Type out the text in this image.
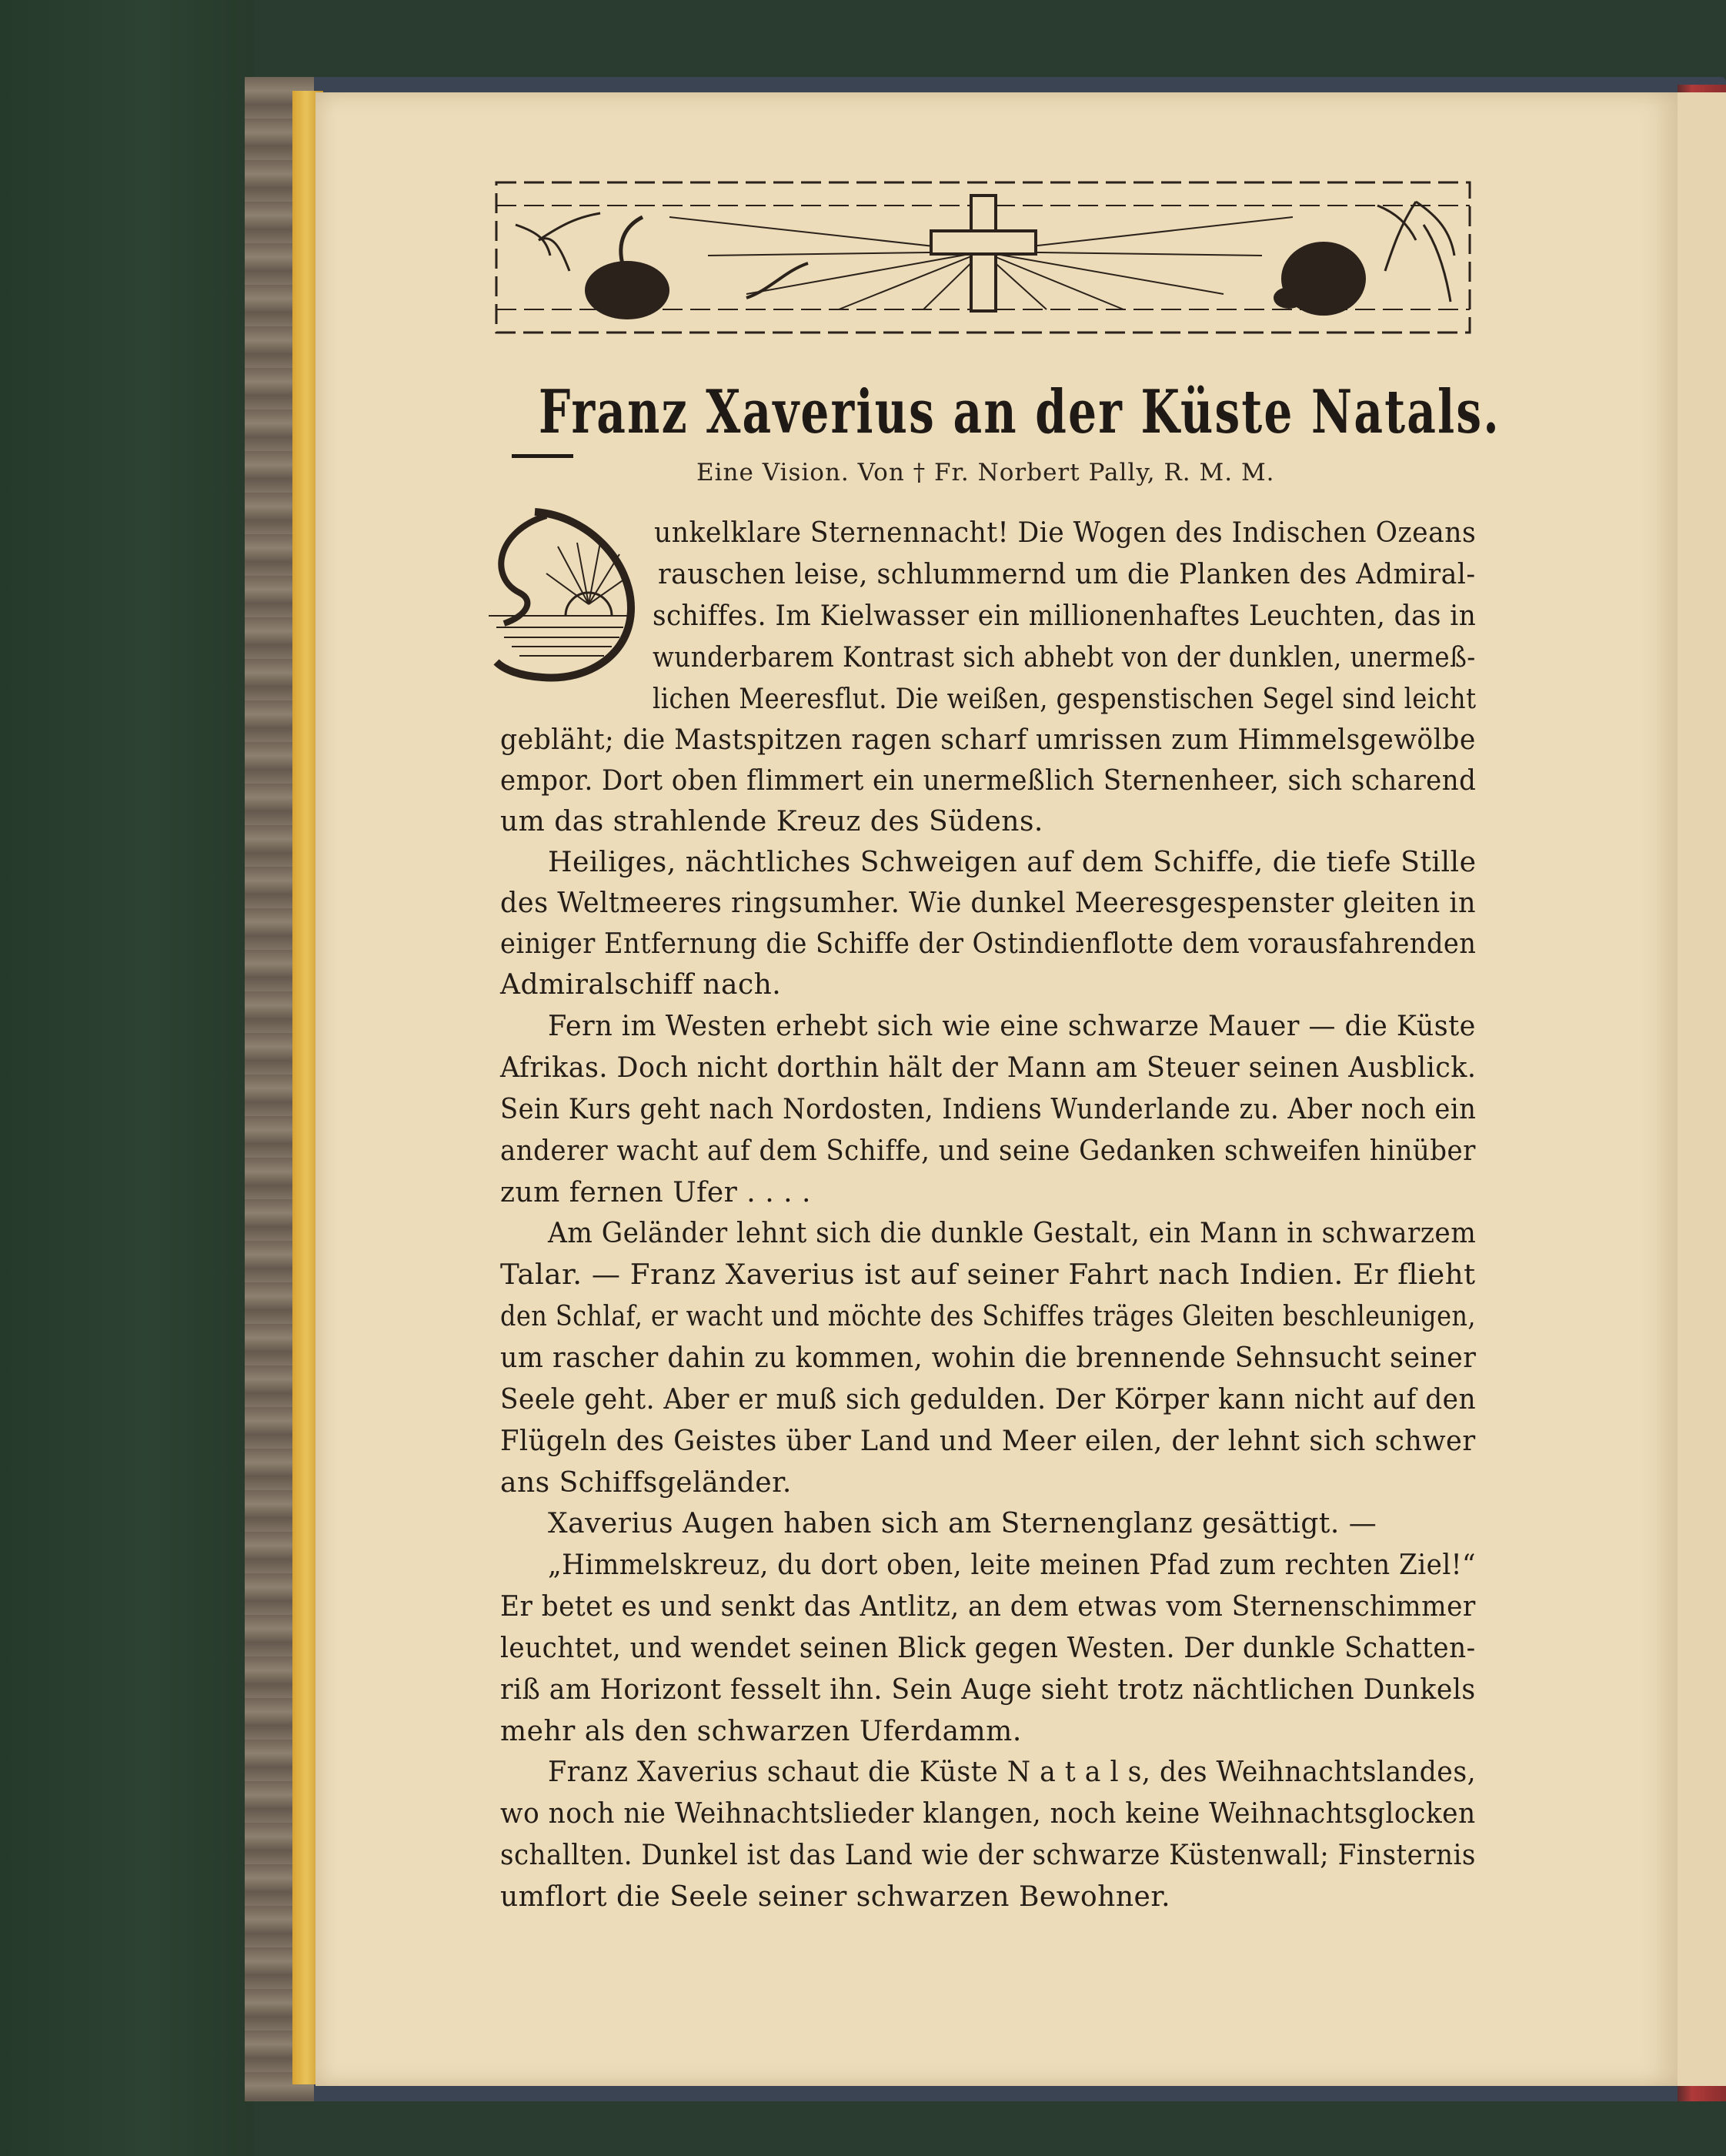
Franz Xaverius an der Küste Natals.
Eine Vision. Von † Fr. Norbert Pally, R. M. M.
unkelklare Sternennacht! Die Wogen des Indischen Ozeans
rauschen leise, schlummernd um die Planken des Admiral-
schiffes. Im Kielwasser ein millionenhaftes Leuchten, das in
wunderbarem Kontrast sich abhebt von der dunklen, unermeß-
lichen Meeresflut. Die weißen, gespenstischen Segel sind leicht
gebläht; die Mastspitzen ragen scharf umrissen zum Himmelsgewölbe
empor. Dort oben flimmert ein unermeßlich Sternenheer, sich scharend
um das strahlende Kreuz des Südens.
Heiliges, nächtliches Schweigen auf dem Schiffe, die tiefe Stille
des Weltmeeres ringsumher. Wie dunkel Meeresgespenster gleiten in
einiger Entfernung die Schiffe der Ostindienflotte dem vorausfahrenden
Admiralschiff nach.
Fern im Westen erhebt sich wie eine schwarze Mauer — die Küste
Afrikas. Doch nicht dorthin hält der Mann am Steuer seinen Ausblick.
Sein Kurs geht nach Nordosten, Indiens Wunderlande zu. Aber noch ein
anderer wacht auf dem Schiffe, und seine Gedanken schweifen hinüber
zum fernen Ufer . . . .
Am Geländer lehnt sich die dunkle Gestalt, ein Mann in schwarzem
Talar. — Franz Xaverius ist auf seiner Fahrt nach Indien. Er flieht
den Schlaf, er wacht und möchte des Schiffes träges Gleiten beschleunigen,
um rascher dahin zu kommen, wohin die brennende Sehnsucht seiner
Seele geht. Aber er muß sich gedulden. Der Körper kann nicht auf den
Flügeln des Geistes über Land und Meer eilen, der lehnt sich schwer
ans Schiffsgeländer.
Xaverius Augen haben sich am Sternenglanz gesättigt. —
„Himmelskreuz, du dort oben, leite meinen Pfad zum rechten Ziel!“
Er betet es und senkt das Antlitz, an dem etwas vom Sternenschimmer
leuchtet, und wendet seinen Blick gegen Westen. Der dunkle Schatten-
riß am Horizont fesselt ihn. Sein Auge sieht trotz nächtlichen Dunkels
mehr als den schwarzen Uferdamm.
Franz Xaverius schaut die Küste N a t a l s, des Weihnachtslandes,
wo noch nie Weihnachtslieder klangen, noch keine Weihnachtsglocken
schallten. Dunkel ist das Land wie der schwarze Küstenwall; Finsternis
umflort die Seele seiner schwarzen Bewohner.
